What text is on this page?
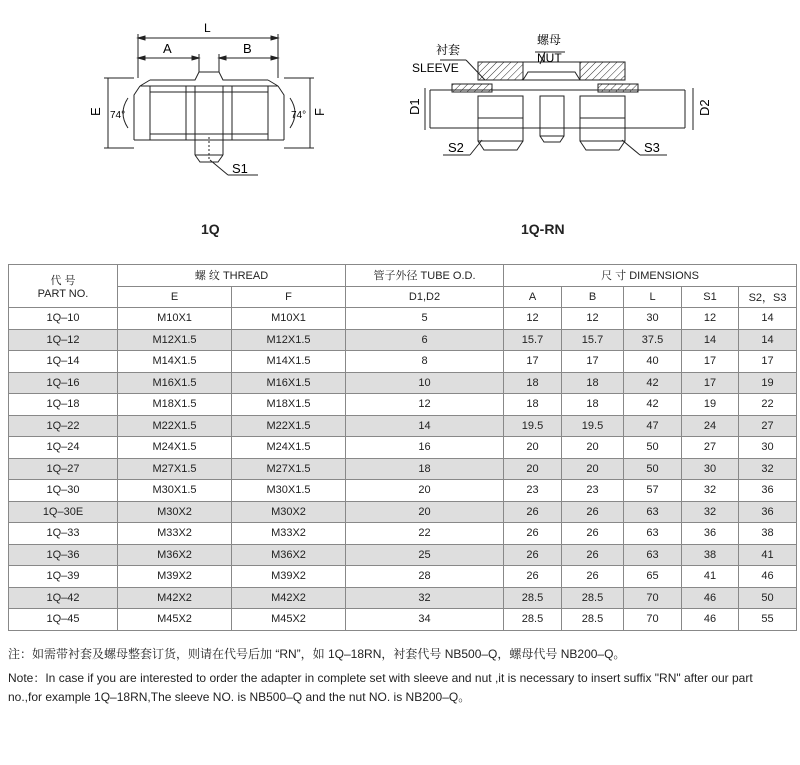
L
A	B
E	F
74°	74°
S1
衬套
SLEEVE
螺母
NUT
D1	D2
S2	S3
1Q	1Q-RN
代 号
PART NO.	螺 纹 THREAD		管子外径 TUBE O.D.	尺 寸 DIMENSIONS				
	E	F	D1,D2	A	B	L	S1	S2，S3
1Q–10	M10X1	M10X1	5	12	12	30	12	14
1Q–12	M12X1.5	M12X1.5	6	15.7	15.7	37.5	14	14
1Q–14	M14X1.5	M14X1.5	8	17	17	40	17	17
1Q–16	M16X1.5	M16X1.5	10	18	18	42	17	19
1Q–18	M18X1.5	M18X1.5	12	18	18	42	19	22
1Q–22	M22X1.5	M22X1.5	14	19.5	19.5	47	24	27
1Q–24	M24X1.5	M24X1.5	16	20	20	50	27	30
1Q–27	M27X1.5	M27X1.5	18	20	20	50	30	32
1Q–30	M30X1.5	M30X1.5	20	23	23	57	32	36
1Q–30E	M30X2	M30X2	20	26	26	63	32	36
1Q–33	M33X2	M33X2	22	26	26	63	36	38
1Q–36	M36X2	M36X2	25	26	26	63	38	41
1Q–39	M39X2	M39X2	28	26	26	65	41	46
1Q–42	M42X2	M42X2	32	28.5	28.5	70	46	50
1Q–45	M45X2	M45X2	34	28.5	28.5	70	46	55
注：如需带衬套及螺母整套订货，则请在代号后加 “RN”，如 1Q–18RN，衬套代号 NB500–Q，螺母代号 NB200–Q。
Note：In case if you are interested to order the adapter in complete set with sleeve and nut ,it is necessary to insert suffix "RN" after our part
no.,for example 1Q–18RN,The sleeve NO. is NB500–Q and the nut NO. is NB200–Q。
